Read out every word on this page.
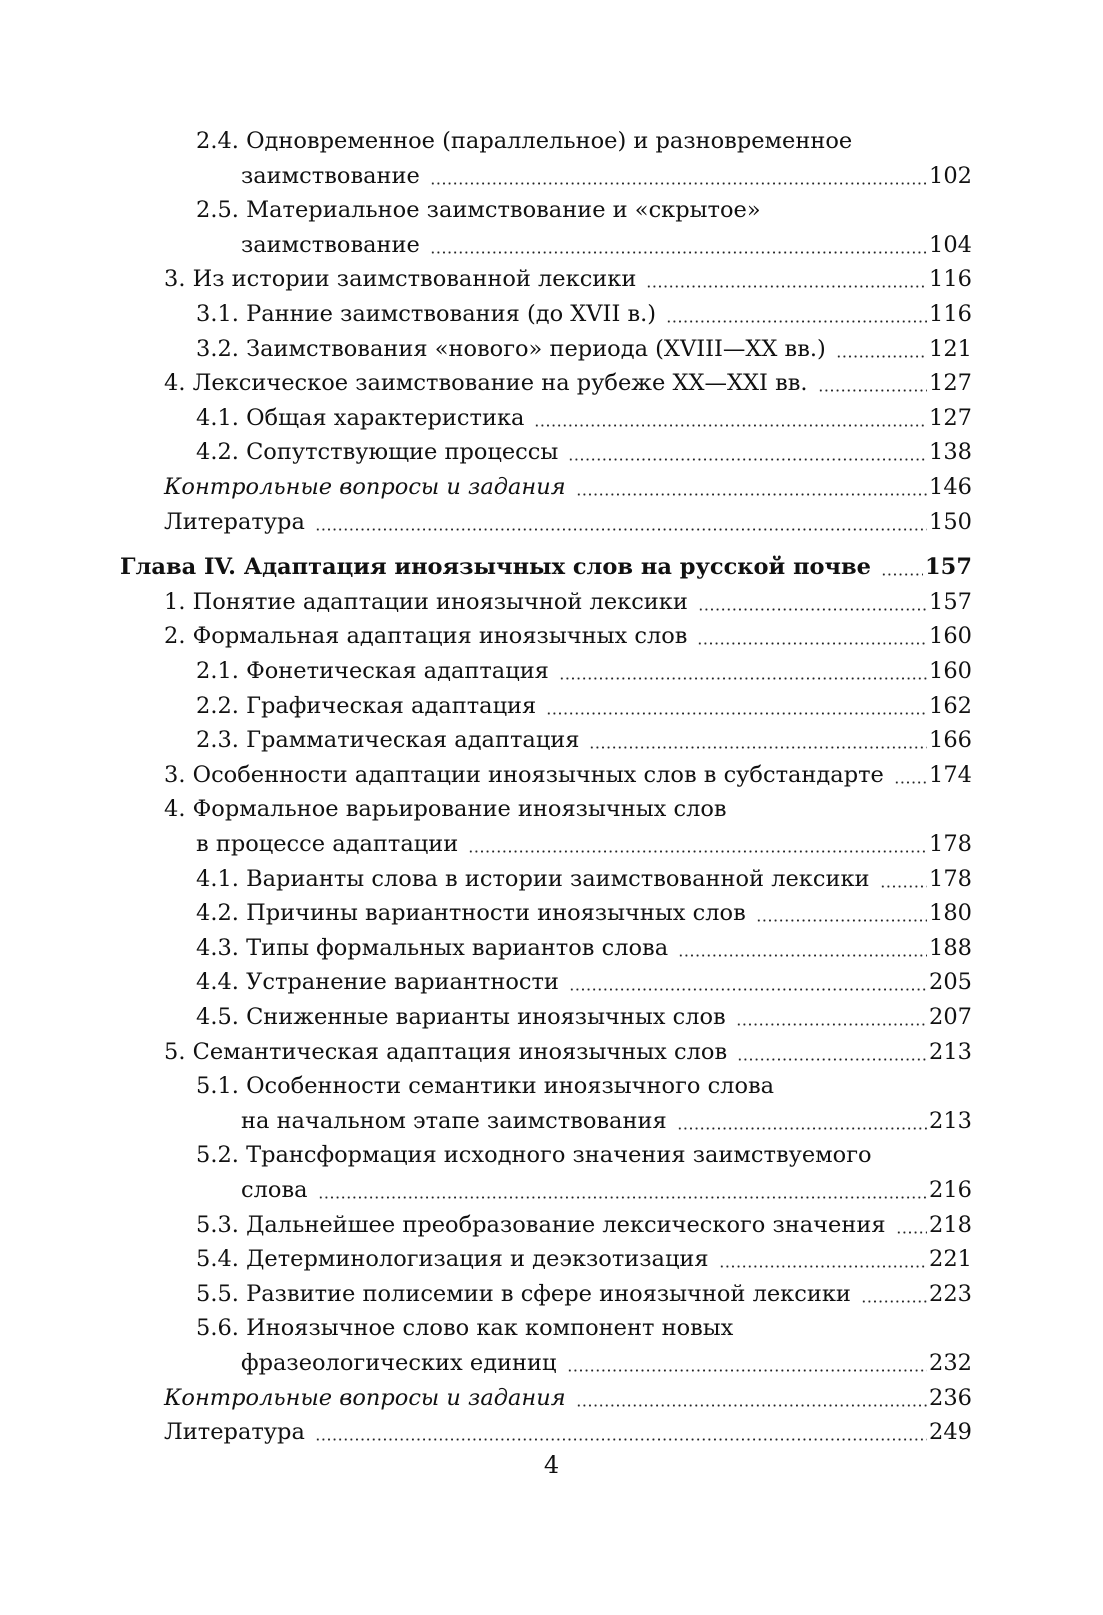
2.4. Одновременное (параллельное) и разновременное
заимствование	102
2.5. Материальное заимствование и «скрытое»
заимствование	104
3. Из истории заимствованной лексики	116
3.1. Ранние заимствования (до XVII в.)	116
3.2. Заимствования «нового» периода (XVIII—XX вв.)	121
4. Лексическое заимствование на рубеже XX—XXI вв.	127
4.1. Общая характеристика	127
4.2. Сопутствующие процессы	138
Контрольные вопросы и задания	146
Литература	150
Глава IV. Адаптация иноязычных слов на русской почве 157
1. Понятие адаптации иноязычной лексики	157
2. Формальная адаптация иноязычных слов	160
2.1. Фонетическая адаптация	160
2.2. Графическая адаптация	162
2.3. Грамматическая адаптация	166
3. Особенности адаптации иноязычных слов в субстандарте 174
4. Формальное варьирование иноязычных слов
в процессе адаптации	178
4.1. Варианты слова в истории заимствованной лексики	178
4.2. Причины вариантности иноязычных слов	180
4.3. Типы формальных вариантов слова	188
4.4. Устранение вариантности	205
4.5. Сниженные варианты иноязычных слов	207
5. Семантическая адаптация иноязычных слов	213
5.1. Особенности семантики иноязычного слова
на начальном этапе заимствования	213
5.2. Трансформация исходного значения заимствуемого
слова	216
5.3. Дальнейшее преобразование лексического значения 218
5.4. Детерминологизация и деэкзотизация	221
5.5. Развитие полисемии в сфере иноязычной лексики	223
5.6. Иноязычное слово как компонент новых
фразеологических единиц	232
Контрольные вопросы и задания	236
Литература	249
4
